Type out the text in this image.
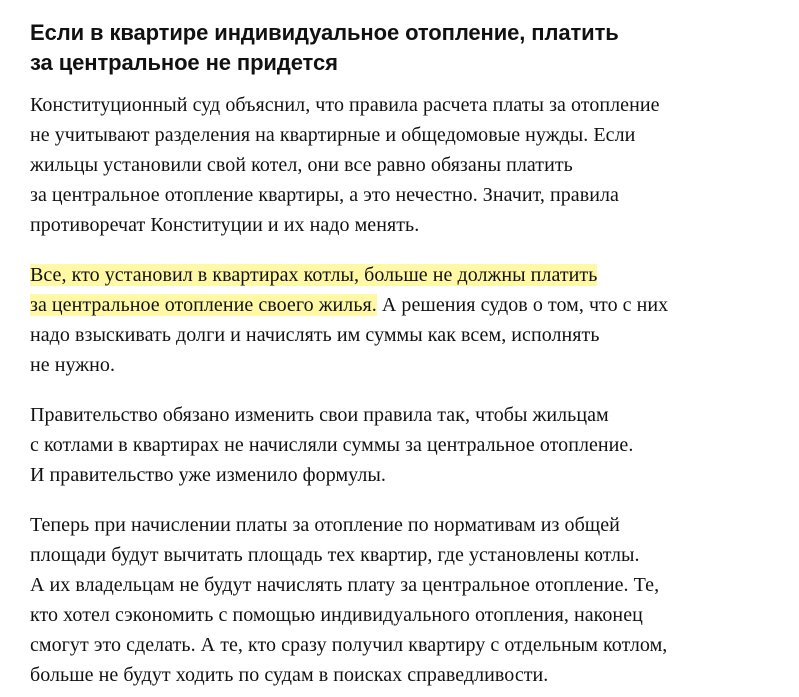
Если в квартире индивидуальное отопление, платить
за центральное не придется

Конституционный суд объяснил, что правила расчета платы за отопление
не учитывают разделения на квартирные и общедомовые нужды. Если
жильцы установили свой котел, они все равно обязаны платить
за центральное отопление квартиры, а это нечестно. Значит, правила
противоречат Конституции и их надо менять.

Все, кто установил в квартирах котлы, больше не должны платить
за центральное отопление своего жилья. А решения судов о том, что с них
надо взыскивать долги и начислять им суммы как всем, исполнять
не нужно.

Правительство обязано изменить свои правила так, чтобы жильцам
с котлами в квартирах не начисляли суммы за центральное отопление.
И правительство уже изменило формулы.

Теперь при начислении платы за отопление по нормативам из общей
площади будут вычитать площадь тех квартир, где установлены котлы.
А их владельцам не будут начислять плату за центральное отопление. Те,
кто хотел сэкономить с помощью индивидуального отопления, наконец
смогут это сделать. А те, кто сразу получил квартиру с отдельным котлом,
больше не будут ходить по судам в поисках справедливости.
